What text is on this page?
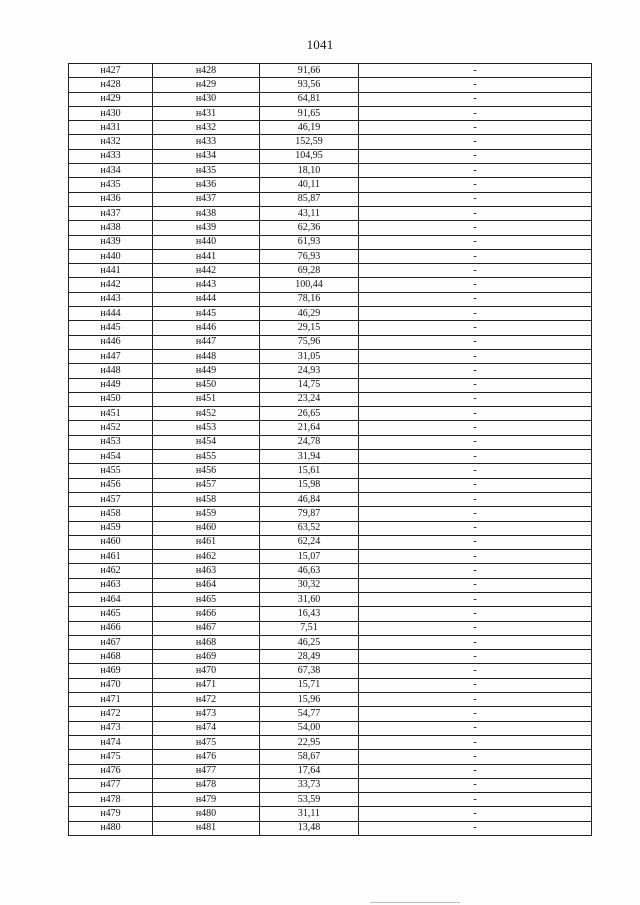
1041
н427	н428	91,66	-
н428	н429	93,56	-
н429	н430	64,81	-
н430	н431	91,65	-
н431	н432	46,19	-
н432	н433	152,59	-
н433	н434	104,95	-
н434	н435	18,10	-
н435	н436	40,11	-
н436	н437	85,87	-
н437	н438	43,11	-
н438	н439	62,36	-
н439	н440	61,93	-
н440	н441	76,93	-
н441	н442	69,28	-
н442	н443	100,44	-
н443	н444	78,16	-
н444	н445	46,29	-
н445	н446	29,15	-
н446	н447	75,96	-
н447	н448	31,05	-
н448	н449	24,93	-
н449	н450	14,75	-
н450	н451	23,24	-
н451	н452	26,65	-
н452	н453	21,64	-
н453	н454	24,78	-
н454	н455	31,94	-
н455	н456	15,61	-
н456	н457	15,98	-
н457	н458	46,84	-
н458	н459	79,87	-
н459	н460	63,52	-
н460	н461	62,24	-
н461	н462	15,07	-
н462	н463	46,63	-
н463	н464	30,32	-
н464	н465	31,60	-
н465	н466	16,43	-
н466	н467	7,51	-
н467	н468	46,25	-
н468	н469	28,49	-
н469	н470	67,38	-
н470	н471	15,71	-
н471	н472	15,96	-
н472	н473	54,77	-
н473	н474	54,00	-
н474	н475	22,95	-
н475	н476	58,67	-
н476	н477	17,64	-
н477	н478	33,73	-
н478	н479	53,59	-
н479	н480	31,11	-
н480	н481	13,48	-
